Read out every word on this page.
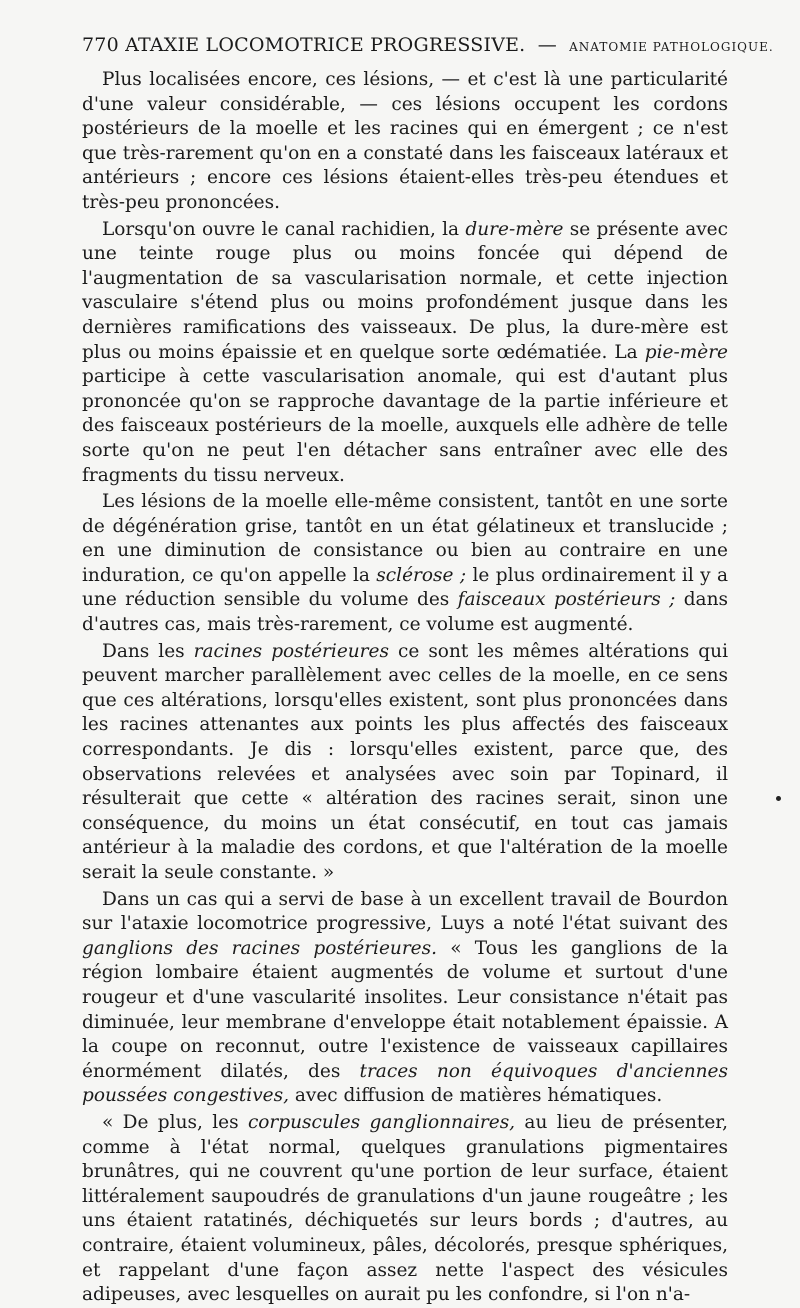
770 ATAXIE LOCOMOTRICE PROGRESSIVE. — ANATOMIE PATHOLOGIQUE.

Plus localisées encore, ces lésions, — et c'est là une particularité d'une valeur considérable, — ces lésions occupent les cordons postérieurs de la moelle et les racines qui en émergent ; ce n'est que très-rarement qu'on en a constaté dans les faisceaux latéraux et antérieurs ; encore ces lésions étaient-elles très-peu étendues et très-peu prononcées.

Lorsqu'on ouvre le canal rachidien, la dure-mère se présente avec une teinte rouge plus ou moins foncée qui dépend de l'augmentation de sa vascularisation normale, et cette injection vasculaire s'étend plus ou moins profondément jusque dans les dernières ramifications des vaisseaux. De plus, la dure-mère est plus ou moins épaissie et en quelque sorte œdématiée. La pie-mère participe à cette vascularisation anomale, qui est d'autant plus prononcée qu'on se rapproche davantage de la partie inférieure et des faisceaux postérieurs de la moelle, auxquels elle adhère de telle sorte qu'on ne peut l'en détacher sans entraîner avec elle des fragments du tissu nerveux.

Les lésions de la moelle elle-même consistent, tantôt en une sorte de dégénération grise, tantôt en un état gélatineux et translucide ; en une diminution de consistance ou bien au contraire en une induration, ce qu'on appelle la sclérose ; le plus ordinairement il y a une réduction sensible du volume des faisceaux postérieurs ; dans d'autres cas, mais très-rarement, ce volume est augmenté.

Dans les racines postérieures ce sont les mêmes altérations qui peuvent marcher parallèlement avec celles de la moelle, en ce sens que ces altérations, lorsqu'elles existent, sont plus prononcées dans les racines attenantes aux points les plus affectés des faisceaux correspondants. Je dis : lorsqu'elles existent, parce que, des observations relevées et analysées avec soin par Topinard, il résulterait que cette « altération des racines serait, sinon une conséquence, du moins un état consécutif, en tout cas jamais antérieur à la maladie des cordons, et que l'altération de la moelle serait la seule constante. »

Dans un cas qui a servi de base à un excellent travail de Bourdon sur l'ataxie locomotrice progressive, Luys a noté l'état suivant des ganglions des racines postérieures. « Tous les ganglions de la région lombaire étaient augmentés de volume et surtout d'une rougeur et d'une vascularité insolites. Leur consistance n'était pas diminuée, leur membrane d'enveloppe était notablement épaissie. A la coupe on reconnut, outre l'existence de vaisseaux capillaires énormément dilatés, des traces non équivoques d'anciennes poussées congestives, avec diffusion de matières hématiques.

« De plus, les corpuscules ganglionnaires, au lieu de présenter, comme à l'état normal, quelques granulations pigmentaires brunâtres, qui ne couvrent qu'une portion de leur surface, étaient littéralement saupoudrés de granulations d'un jaune rougeâtre ; les uns étaient ratatinés, déchiquetés sur leurs bords ; d'autres, au contraire, étaient volumineux, pâles, décolorés, presque sphériques, et rappelant d'une façon assez nette l'aspect des vésicules adipeuses, avec lesquelles on aurait pu les confondre, si l'on n'a-
